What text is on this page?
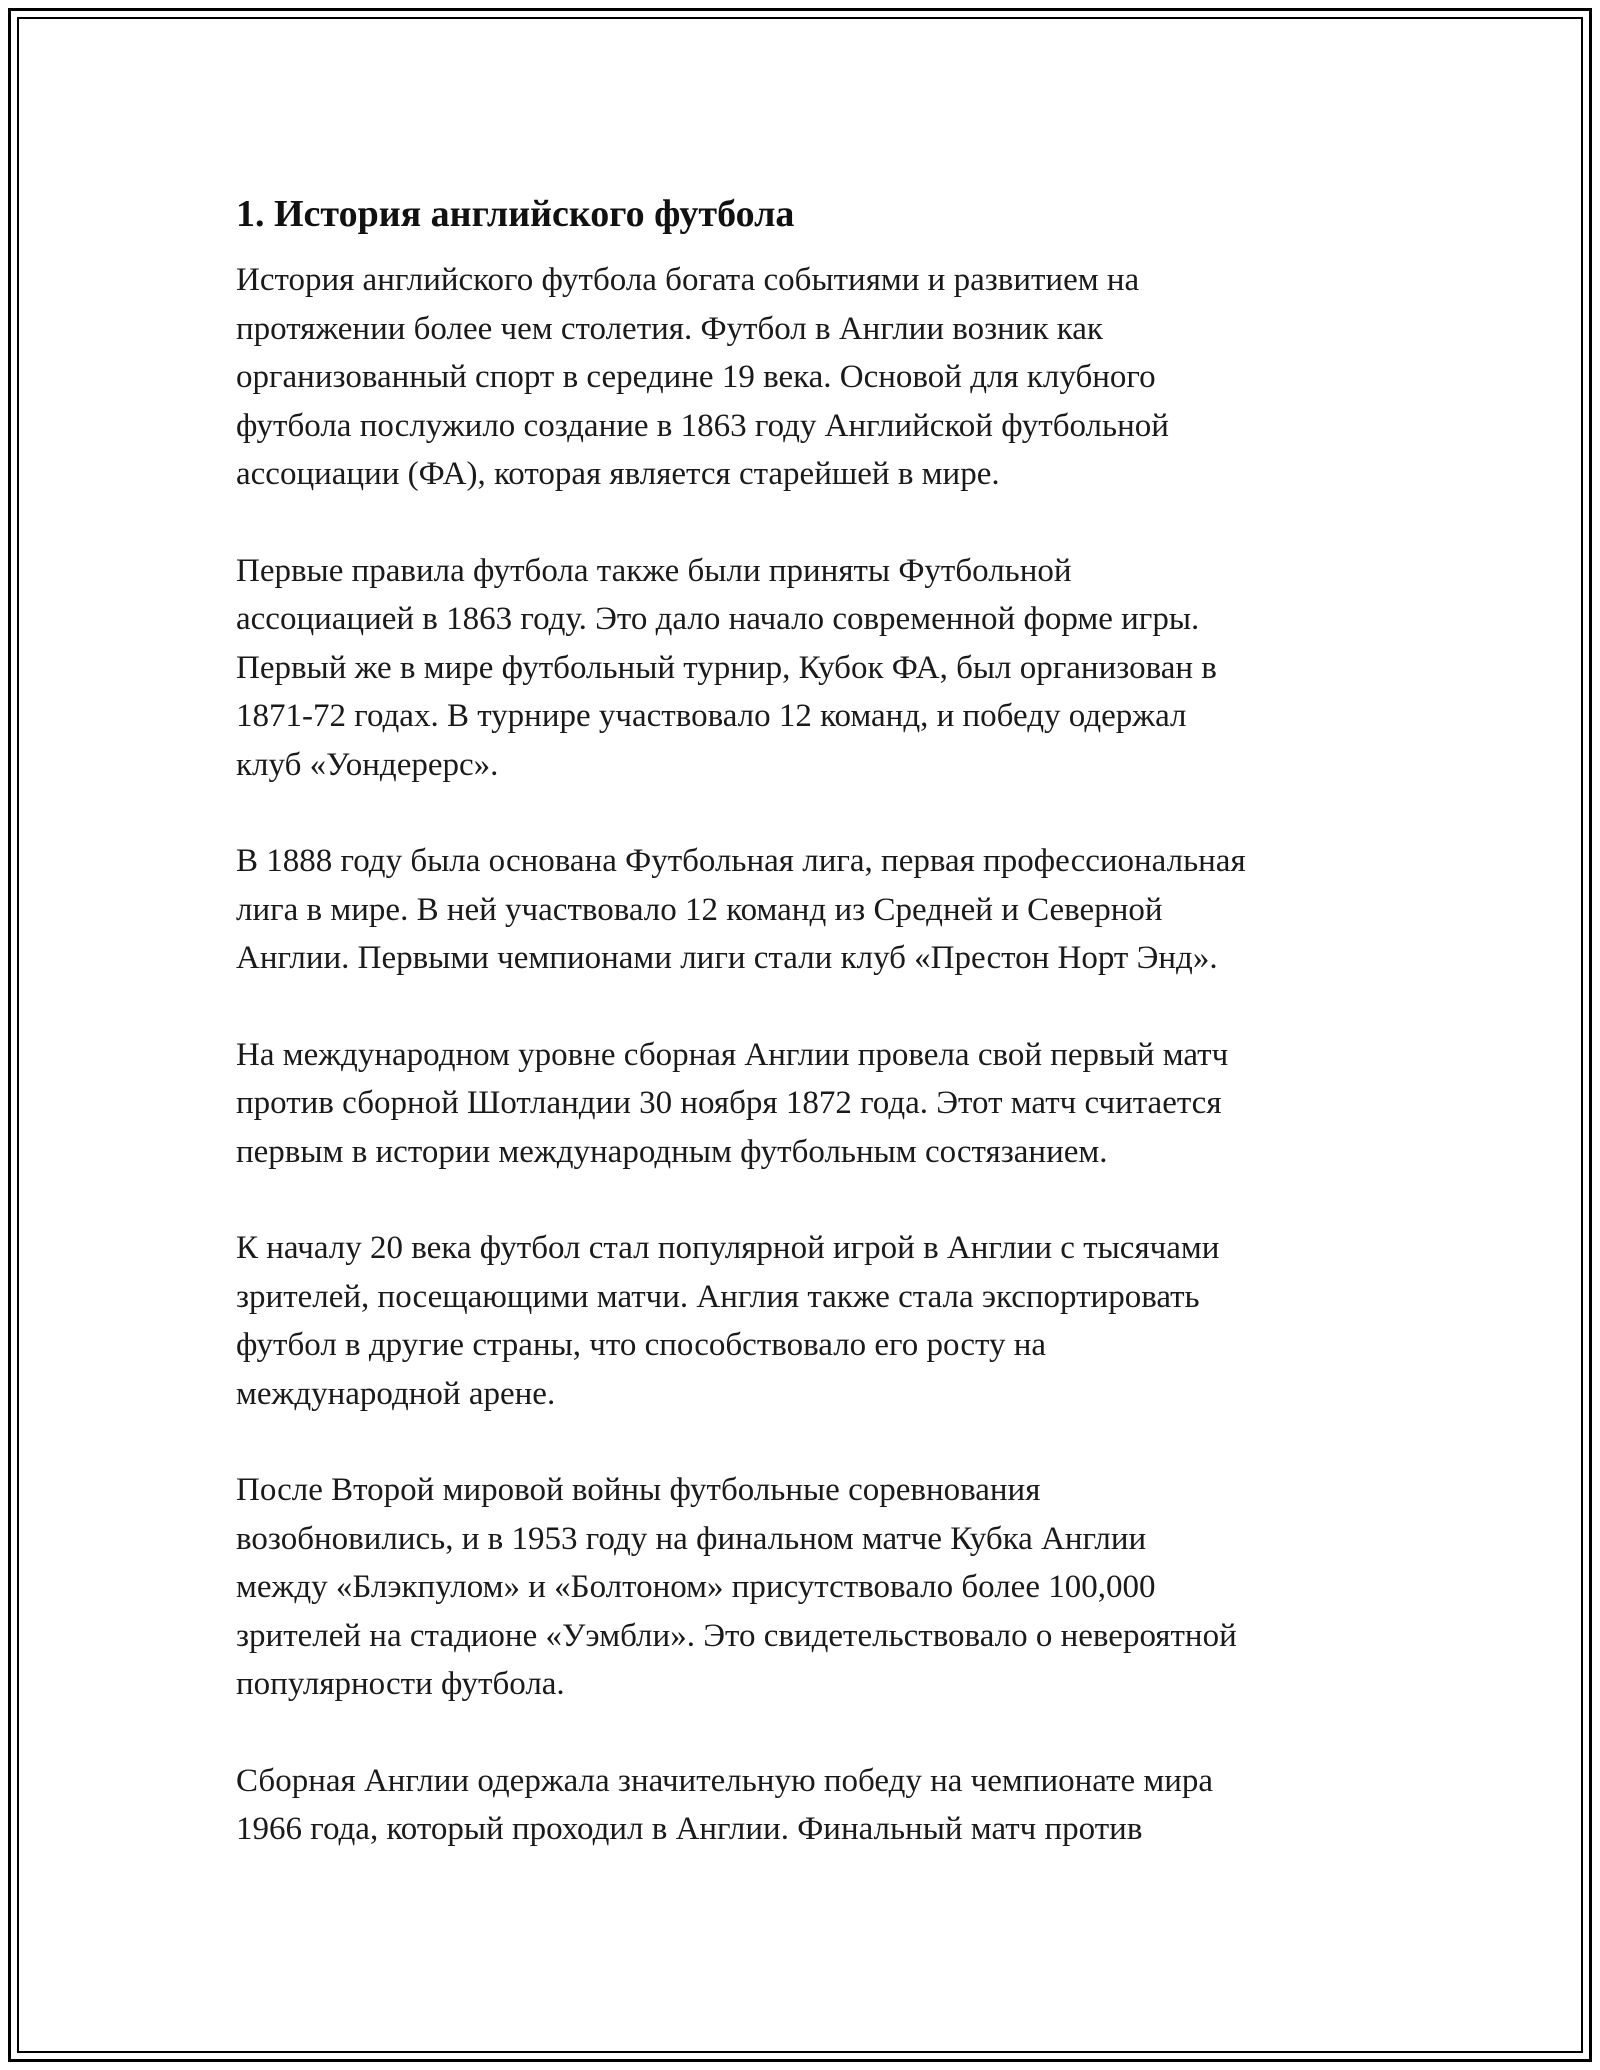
1. История английского футбола

История английского футбола богата событиями и развитием на
протяжении более чем столетия. Футбол в Англии возник как
организованный спорт в середине 19 века. Основой для клубного
футбола послужило создание в 1863 году Английской футбольной
ассоциации (ФА), которая является старейшей в мире.

Первые правила футбола также были приняты Футбольной
ассоциацией в 1863 году. Это дало начало современной форме игры.
Первый же в мире футбольный турнир, Кубок ФА, был организован в
1871-72 годах. В турнире участвовало 12 команд, и победу одержал
клуб «Уондерерс».

В 1888 году была основана Футбольная лига, первая профессиональная
лига в мире. В ней участвовало 12 команд из Средней и Северной
Англии. Первыми чемпионами лиги стали клуб «Престон Норт Энд».

На международном уровне сборная Англии провела свой первый матч
против сборной Шотландии 30 ноября 1872 года. Этот матч считается
первым в истории международным футбольным состязанием.

К началу 20 века футбол стал популярной игрой в Англии с тысячами
зрителей, посещающими матчи. Англия также стала экспортировать
футбол в другие страны, что способствовало его росту на
международной арене.

После Второй мировой войны футбольные соревнования
возобновились, и в 1953 году на финальном матче Кубка Англии
между «Блэкпулом» и «Болтоном» присутствовало более 100,000
зрителей на стадионе «Уэмбли». Это свидетельствовало о невероятной
популярности футбола.

Сборная Англии одержала значительную победу на чемпионате мира
1966 года, который проходил в Англии. Финальный матч против
